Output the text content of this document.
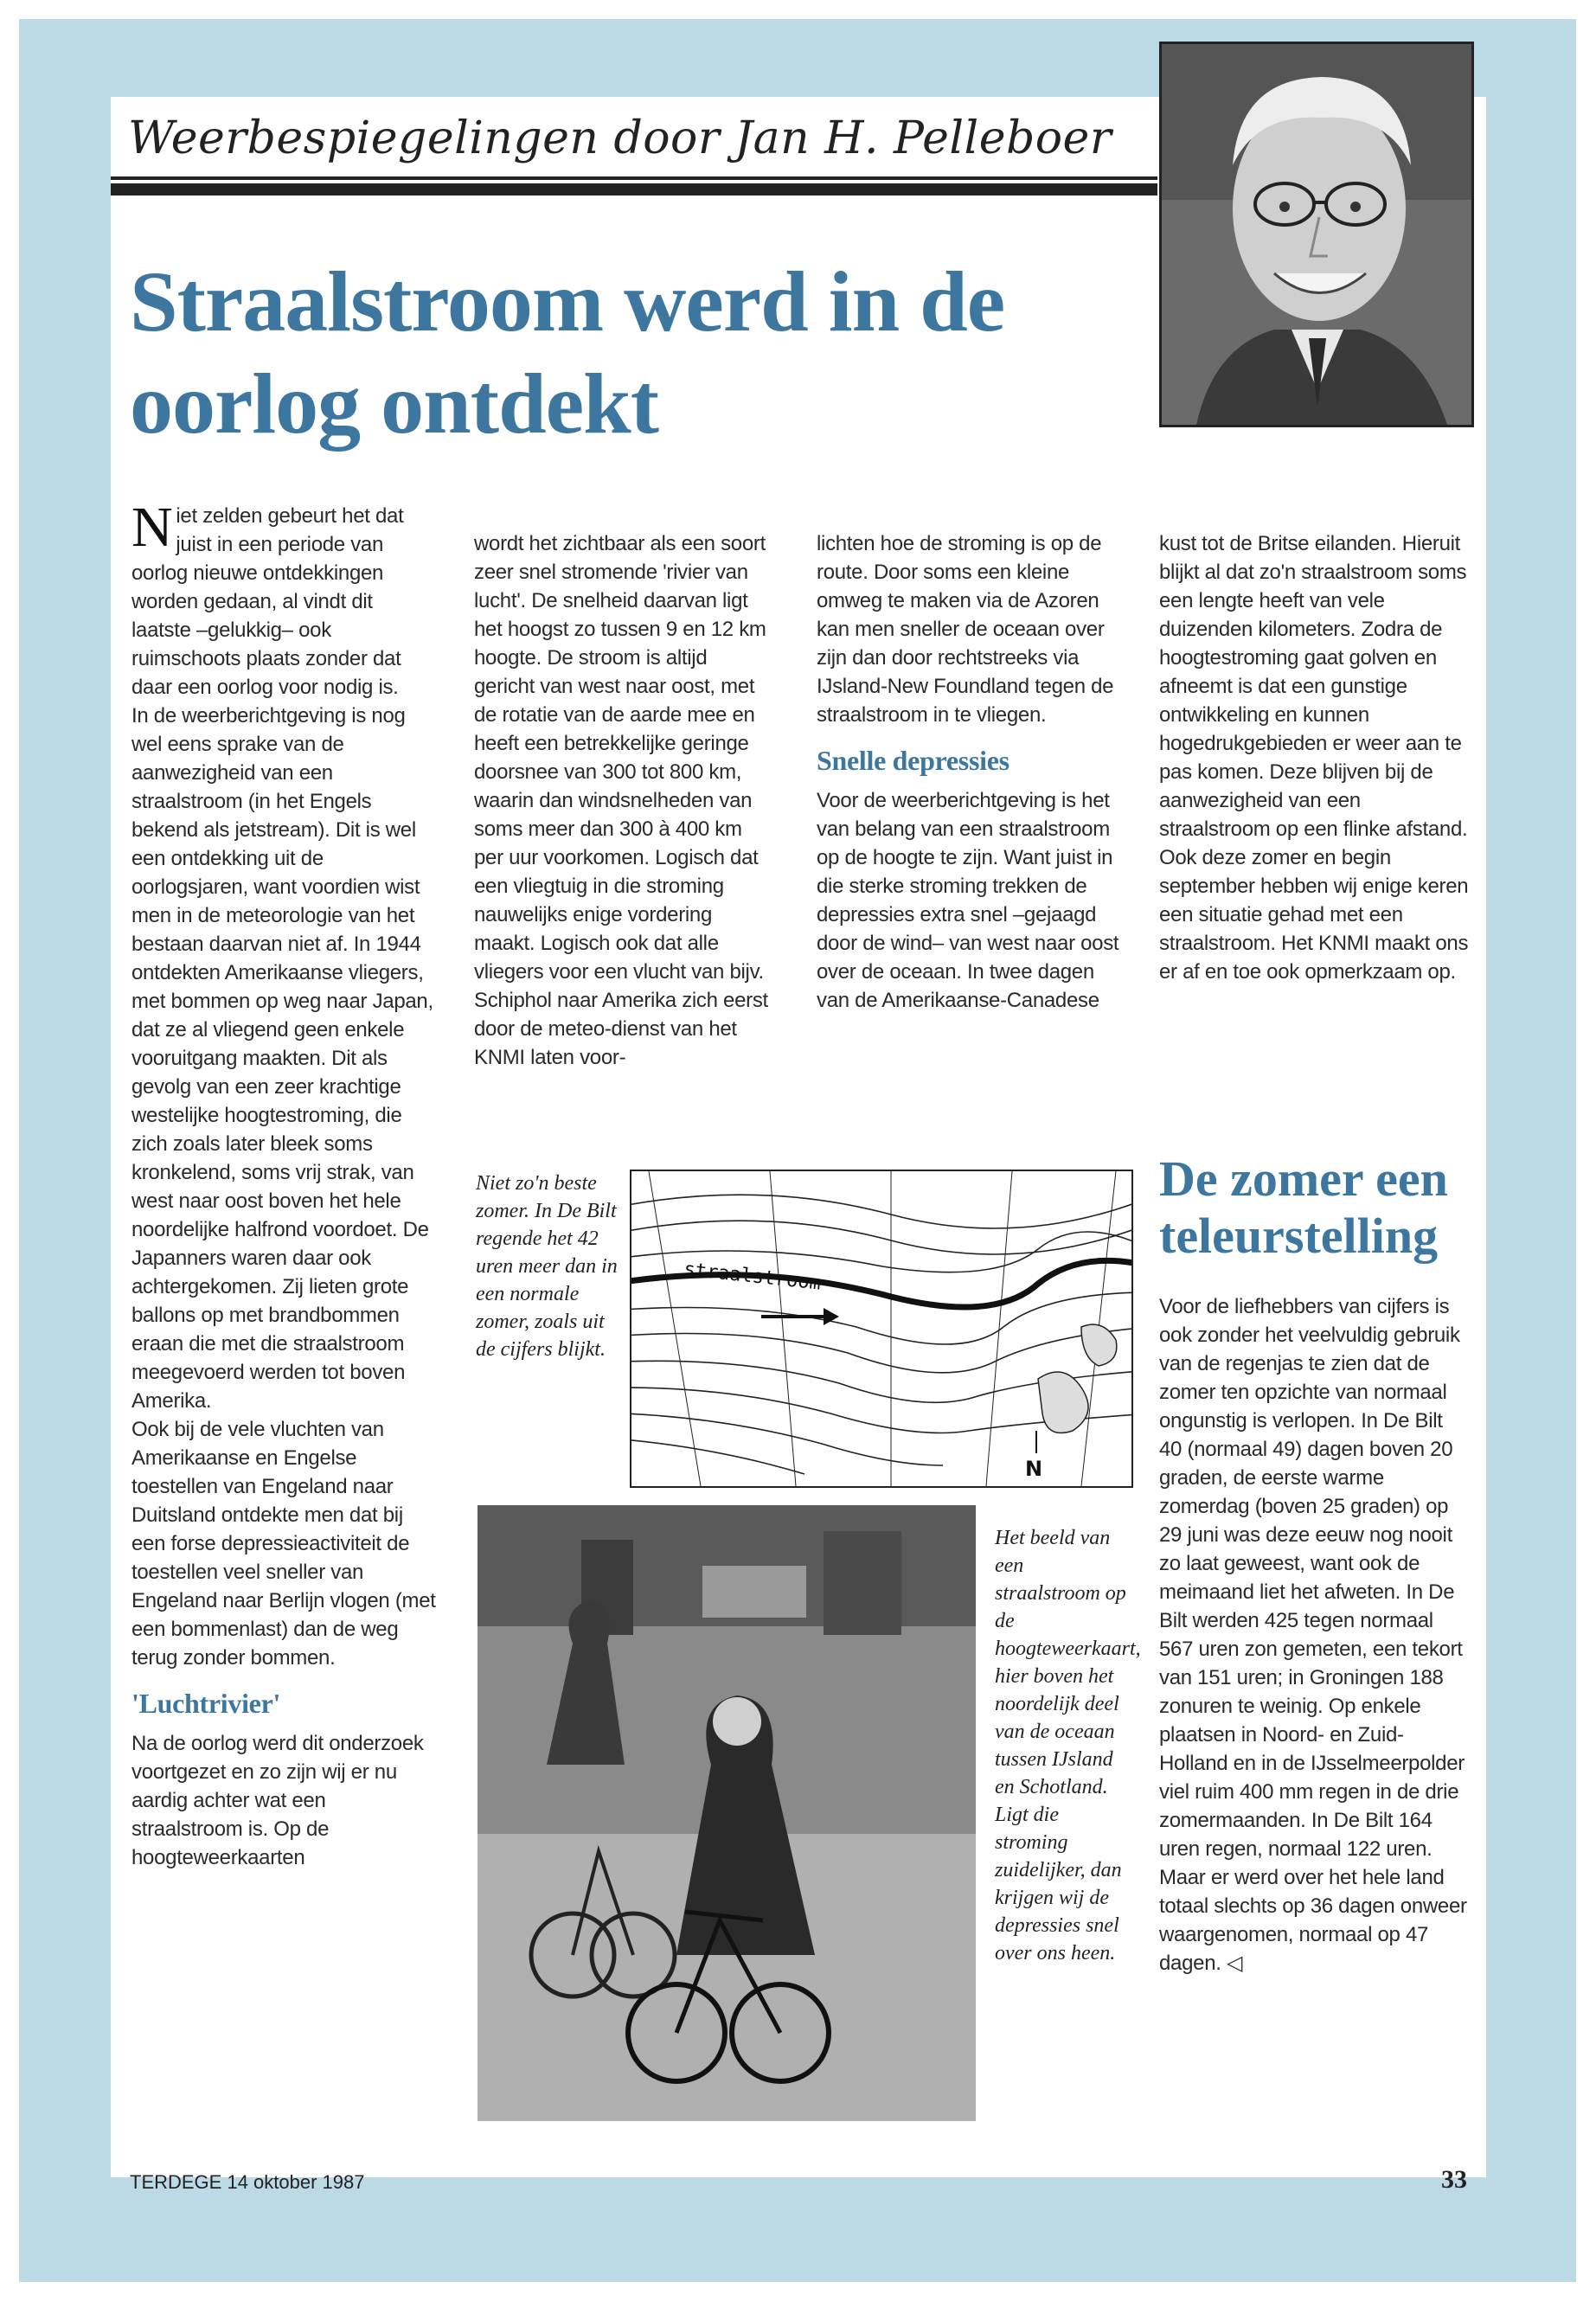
Weerbespiegelingen door Jan H. Pelleboer
Straalstroom werd in de oorlog ontdekt

Niet zelden gebeurt het dat juist in een periode van oorlog nieuwe ontdekkingen worden gedaan, al vindt dit laatste –gelukkig– ook ruimschoots plaats zonder dat daar een oorlog voor nodig is.

In de weerberichtgeving is nog wel eens sprake van de aanwezigheid van een straalstroom (in het Engels bekend als jetstream). Dit is wel een ontdekking uit de oorlogsjaren, want voordien wist men in de meteorologie van het bestaan daarvan niet af. In 1944 ontdekten Amerikaanse vliegers, met bommen op weg naar Japan, dat ze al vliegend geen enkele vooruitgang maakten. Dit als gevolg van een zeer krachtige westelijke hoogtestroming, die zich zoals later bleek soms kronkelend, soms vrij strak, van west naar oost boven het hele noordelijke halfrond voordoet. De Japanners waren daar ook achtergekomen. Zij lieten grote ballons op met brandbommen eraan die met die straalstroom meegevoerd werden tot boven Amerika.

Ook bij de vele vluchten van Amerikaanse en Engelse toestellen van Engeland naar Duitsland ontdekte men dat bij een forse depressieactiviteit de toestellen veel sneller van Engeland naar Berlijn vlogen (met een bommenlast) dan de weg terug zonder bommen.

'Luchtrivier'

Na de oorlog werd dit onderzoek voortgezet en zo zijn wij er nu aardig achter wat een straalstroom is. Op de hoogteweerkaarten

wordt het zichtbaar als een soort zeer snel stromende 'rivier van lucht'. De snelheid daarvan ligt het hoogst zo tussen 9 en 12 km hoogte. De stroom is altijd gericht van west naar oost, met de rotatie van de aarde mee en heeft een betrekkelijke geringe doorsnee van 300 tot 800 km, waarin dan windsnelheden van soms meer dan 300 à 400 km per uur voorkomen. Logisch dat een vliegtuig in die stroming nauwelijks enige vordering maakt. Logisch ook dat alle vliegers voor een vlucht van bijv. Schiphol naar Amerika zich eerst door de meteo-dienst van het KNMI laten voor-

lichten hoe de stroming is op de route. Door soms een kleine omweg te maken via de Azoren kan men sneller de oceaan over zijn dan door rechtstreeks via IJsland-New Foundland tegen de straalstroom in te vliegen.

Snelle depressies

Voor de weerberichtgeving is het van belang van een straalstroom op de hoogte te zijn. Want juist in die sterke stroming trekken de depressies extra snel –gejaagd door de wind– van west naar oost over de oceaan. In twee dagen van de Amerikaanse-Canadese

kust tot de Britse eilanden. Hieruit blijkt al dat zo'n straalstroom soms een lengte heeft van vele duizenden kilometers. Zodra de hoogtestroming gaat golven en afneemt is dat een gunstige ontwikkeling en kunnen hogedrukgebieden er weer aan te pas komen. Deze blijven bij de aanwezigheid van een straalstroom op een flinke afstand. Ook deze zomer en begin september hebben wij enige keren een situatie gehad met een straalstroom. Het KNMI maakt ons er af en toe ook opmerkzaam op.

De zomer een teleurstelling

Voor de liefhebbers van cijfers is ook zonder het veelvuldig gebruik van de regenjas te zien dat de zomer ten opzichte van normaal ongunstig is verlopen. In De Bilt 40 (normaal 49) dagen boven 20 graden, de eerste warme zomerdag (boven 25 graden) op 29 juni was deze eeuw nog nooit zo laat geweest, want ook de meimaand liet het afweten. In De Bilt werden 425 tegen normaal 567 uren zon gemeten, een tekort van 151 uren; in Groningen 188 zonuren te weinig. Op enkele plaatsen in Noord- en Zuid-Holland en in de IJsselmeerpolder viel ruim 400 mm regen in de drie zomermaanden. In De Bilt 164 uren regen, normaal 122 uren. Maar er werd over het hele land totaal slechts op 36 dagen onweer waargenomen, normaal op 47 dagen. ◁

Niet zo'n beste zomer. In De Bilt regende het 42 uren meer dan in een normale zomer, zoals uit de cijfers blijkt.
straalstroom
N
Het beeld van een straalstroom op de hoogteweerkaart, hier boven het noordelijk deel van de oceaan tussen IJsland en Schotland. Ligt die stroming zuidelijker, dan krijgen wij de depressies snel over ons heen.
TERDEGE 14 oktober 1987	33
